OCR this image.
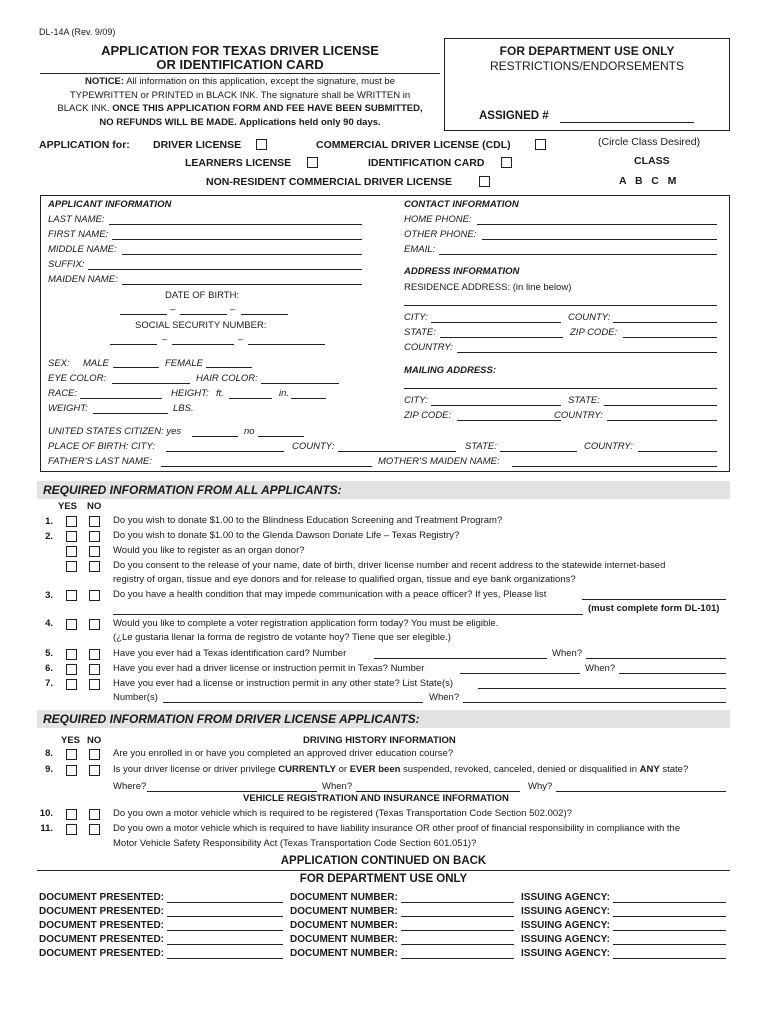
DL-14A (Rev. 9/09)
APPLICATION FOR TEXAS DRIVER LICENSE
OR IDENTIFICATION CARD
NOTICE: All information on this application, except the signature, must be
TYPEWRITTEN or PRINTED in BLACK INK. The signature shall be WRITTEN in
BLACK INK. ONCE THIS APPLICATION FORM AND FEE HAVE BEEN SUBMITTED,
NO REFUNDS WILL BE MADE. Applications held only 90 days.
FOR DEPARTMENT USE ONLY
RESTRICTIONS/ENDORSEMENTS
ASSIGNED #
APPLICATION for: DRIVER LICENSE	COMMERCIAL DRIVER LICENSE (CDL)
LEARNERS LICENSE	IDENTIFICATION CARD
NON-RESIDENT COMMERCIAL DRIVER LICENSE
(Circle Class Desired)
CLASS
A   B   C   M
APPLICANT INFORMATION
LAST NAME:
FIRST NAME:
MIDDLE NAME:
SUFFIX:
MAIDEN NAME:
DATE OF BIRTH:
–	–
SOCIAL SECURITY NUMBER:
–	–
SEX: MALE	FEMALE
EYE COLOR:	HAIR COLOR:
RACE:	HEIGHT: ft.	in.
WEIGHT:	LBS.
UNITED STATES CITIZEN: yes	no
PLACE OF BIRTH: CITY:	COUNTY:	STATE:	COUNTRY:
FATHER'S LAST NAME:	MOTHER'S MAIDEN NAME:
CONTACT INFORMATION
HOME PHONE:
OTHER PHONE:
EMAIL:
ADDRESS INFORMATION
RESIDENCE ADDRESS: (in line below)
CITY:	COUNTY:
STATE:	ZIP CODE:
COUNTRY:
MAILING ADDRESS:
CITY:	STATE:
ZIP CODE:	COUNTRY:
REQUIRED INFORMATION FROM ALL APPLICANTS:
YES NO
1.	Do you wish to donate $1.00 to the Blindness Education Screening and Treatment Program?
2.	Do you wish to donate $1.00 to the Glenda Dawson Donate Life – Texas Registry?
Would you like to register as an organ donor?
Do you consent to the release of your name, date of birth, driver license number and recent address to the statewide internet-based
registry of organ, tissue and eye donors and for release to qualified organ, tissue and eye bank organizations?
3.	Do you have a health condition that may impede communication with a peace officer? If yes, Please list
(must complete form DL-101)
4.	Would you like to complete a voter registration application form today? You must be eligible.
(¿Le gustaria llenar la forma de registro de votante hoy? Tiene que ser elegible.)
5.	Have you ever had a Texas identification card? Number	When?
6.	Have you ever had a driver license or instruction permit in Texas? Number	When?
7.	Have you ever had a license or instruction permit in any other state? List State(s)
Number(s)	When?
REQUIRED INFORMATION FROM DRIVER LICENSE APPLICANTS:
YES NO	DRIVING HISTORY INFORMATION
8.	Are you enrolled in or have you completed an approved driver education course?
9.	Is your driver license or driver privilege CURRENTLY or EVER been suspended, revoked, canceled, denied or disqualified in ANY state?
Where?	When?	Why?
VEHICLE REGISTRATION AND INSURANCE INFORMATION
10.	Do you own a motor vehicle which is required to be registered (Texas Transportation Code Section 502.002)?
11.	Do you own a motor vehicle which is required to have liability insurance OR other proof of financial responsibility in compliance with the
Motor Vehicle Safety Responsibility Act (Texas Transportation Code Section 601.051)?
APPLICATION CONTINUED ON BACK
FOR DEPARTMENT USE ONLY
DOCUMENT PRESENTED:	DOCUMENT NUMBER:	ISSUING AGENCY:
DOCUMENT PRESENTED:	DOCUMENT NUMBER:	ISSUING AGENCY:
DOCUMENT PRESENTED:	DOCUMENT NUMBER:	ISSUING AGENCY:
DOCUMENT PRESENTED:	DOCUMENT NUMBER:	ISSUING AGENCY:
DOCUMENT PRESENTED:	DOCUMENT NUMBER:	ISSUING AGENCY:
